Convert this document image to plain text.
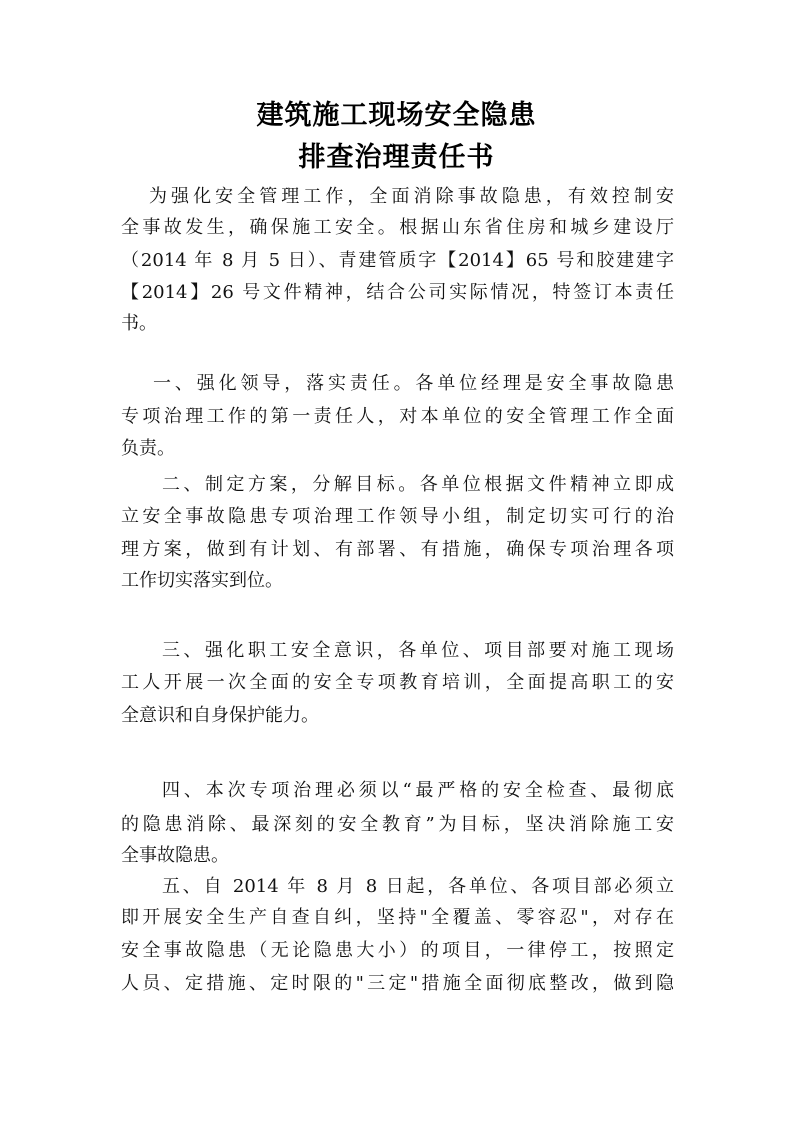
建筑施工现场安全隐患
排查治理责任书
为强化安全管理工作，全面消除事故隐患，有效控制安
全事故发生，确保施工安全。根据山东省住房和城乡建设厅
（2014 年 8 月 5 日）、青建管质字【2014】65 号和胶建建字
【2014】26 号文件精神，结合公司实际情况，特签订本责任
书。
一、强化领导，落实责任。各单位经理是安全事故隐患
专项治理工作的第一责任人，对本单位的安全管理工作全面
负责。
二、制定方案，分解目标。各单位根据文件精神立即成
立安全事故隐患专项治理工作领导小组，制定切实可行的治
理方案，做到有计划、有部署、有措施，确保专项治理各项
工作切实落实到位。
三、强化职工安全意识，各单位、项目部要对施工现场
工人开展一次全面的安全专项教育培训，全面提高职工的安
全意识和自身保护能力。
四、本次专项治理必须以“最严格的安全检查、最彻底
的隐患消除、最深刻的安全教育”为目标，坚决消除施工安
全事故隐患。
五、自 2014 年 8 月 8 日起，各单位、各项目部必须立
即开展安全生产自查自纠，坚持"全覆盖、零容忍"，对存在
安全事故隐患（无论隐患大小）的项目，一律停工，按照定
人员、定措施、定时限的"三定"措施全面彻底整改，做到隐
